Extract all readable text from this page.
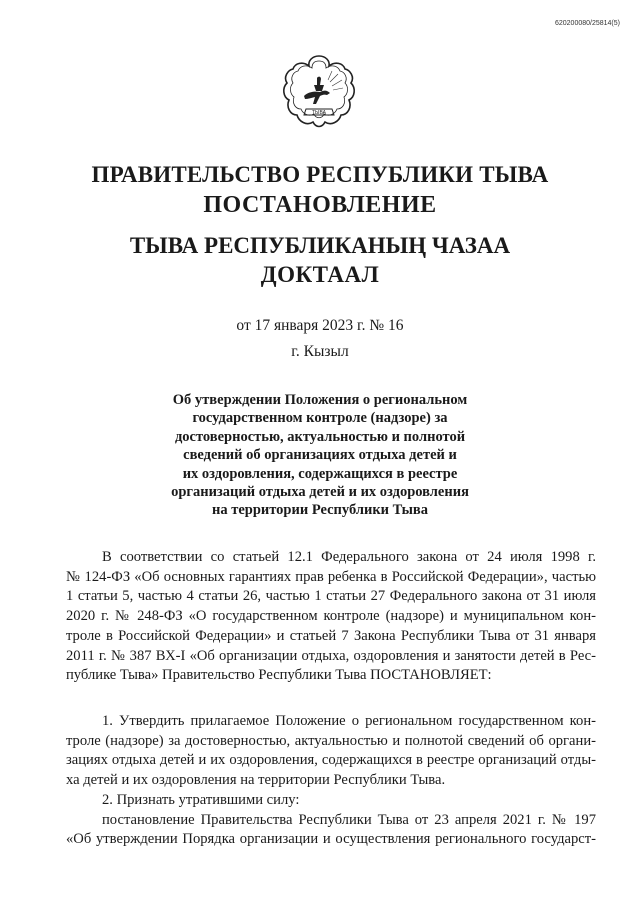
620200080/25814(5)
ТЫВА
ПРАВИТЕЛЬСТВО РЕСПУБЛИКИ ТЫВА
ПОСТАНОВЛЕНИЕ
ТЫВА РЕСПУБЛИКАНЫҢ ЧАЗАА
ДОКТААЛ
от 17 января 2023 г. № 16
г. Кызыл
Об утверждении Положения о региональном
государственном контроле (надзоре) за
достоверностью, актуальностью и полнотой
сведений об организациях отдыха детей и
их оздоровления, содержащихся в реестре
организаций отдыха детей и их оздоровления
на территории Республики Тыва
В соответствии со статьей 12.1 Федерального закона от 24 июля 1998 г.
№ 124-ФЗ «Об основных гарантиях прав ребенка в Российской Федерации», частью
1 статьи 5, частью 4 статьи 26, частью 1 статьи 27 Федерального закона от 31 июля
2020 г. № 248-ФЗ «О государственном контроле (надзоре) и муниципальном кон-
троле в Российской Федерации» и статьей 7 Закона Республики Тыва от 31 января
2011 г. № 387 ВХ-I «Об организации отдыха, оздоровления и занятости детей в Рес-
публике Тыва» Правительство Республики Тыва ПОСТАНОВЛЯЕТ:
1. Утвердить прилагаемое Положение о региональном государственном кон-
троле (надзоре) за достоверностью, актуальностью и полнотой сведений об органи-
зациях отдыха детей и их оздоровления, содержащихся в реестре организаций отды-
ха детей и их оздоровления на территории Республики Тыва.
2. Признать утратившими силу:
постановление Правительства Республики Тыва от 23 апреля 2021 г. № 197
«Об утверждении Порядка организации и осуществления регионального государст-
